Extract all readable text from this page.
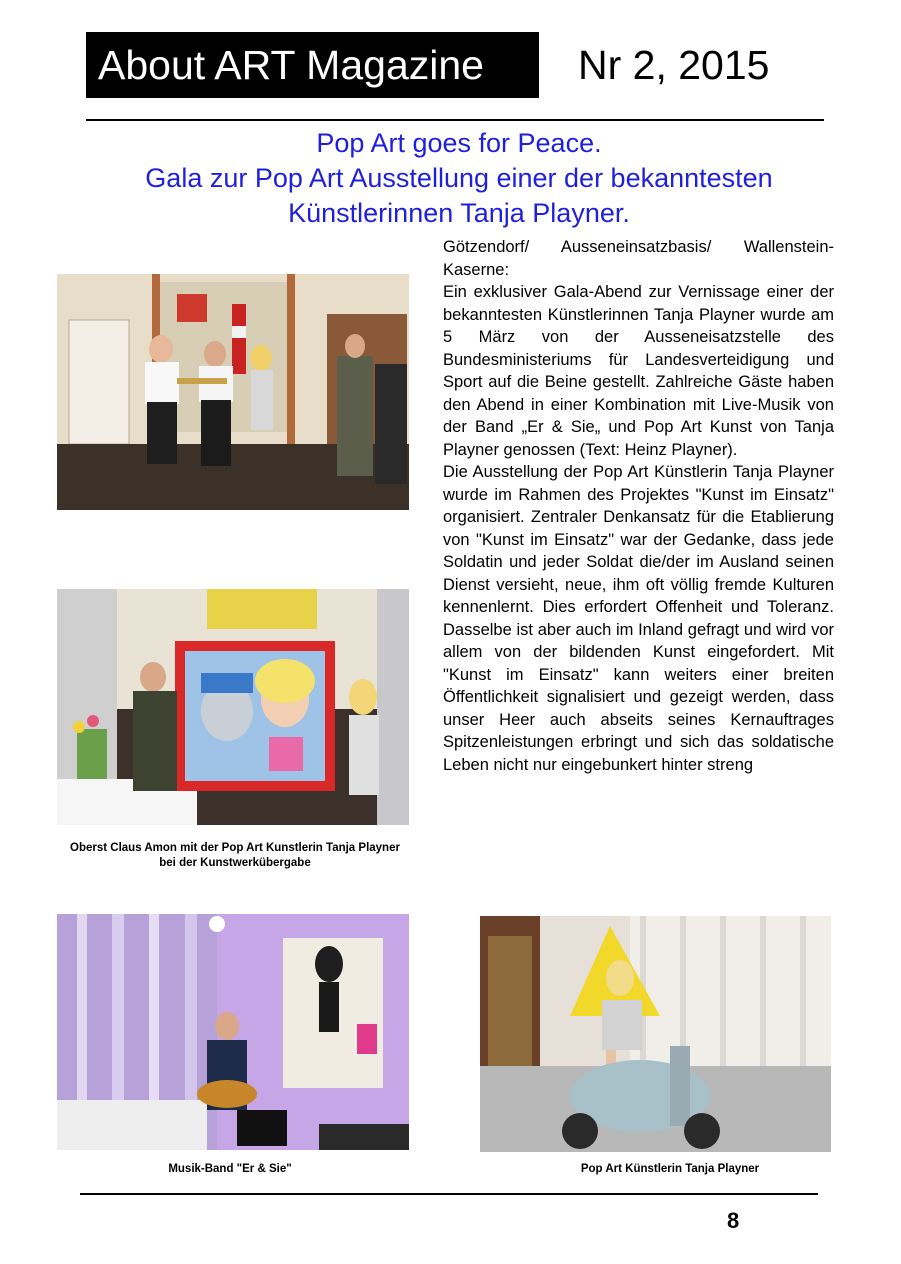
About ART Magazine	Nr 2, 2015
Pop Art goes for Peace.
Gala zur Pop Art Ausstellung einer der bekanntesten
Künstlerinnen Tanja Playner.
Oberst Claus Amon mit der Pop Art Kunstlerin Tanja Playner bei der Kunstwerkübergabe

Götzendorf/ Ausseneinsatzbasis/ Wallenstein-Kaserne:

Ein exklusiver Gala-Abend zur Vernissage einer der bekanntesten Künstlerinnen Tanja Playner wurde am 5 März von der Ausseneisatzstelle des Bundesministeriums für Landesverteidigung und Sport auf die Beine gestellt. Zahlreiche Gäste haben den Abend in einer Kombination mit Live-Musik von der Band „Er & Sie„ und Pop Art Kunst von Tanja Playner genossen (Text: Heinz Playner).

Die Ausstellung der Pop Art Künstlerin Tanja Playner wurde im Rahmen des Projektes "Kunst im Einsatz" organisiert. Zentraler Denkansatz für die Etablierung von "Kunst im Einsatz" war der Gedanke, dass jede Soldatin und jeder Soldat die/der im Ausland seinen Dienst versieht, neue, ihm oft völlig fremde Kulturen kennenlernt. Dies erfordert Offenheit und Toleranz. Dasselbe ist aber auch im Inland gefragt und wird vor allem von der bildenden Kunst eingefordert. Mit "Kunst im Einsatz" kann weiters einer breiten Öffentlichkeit signalisiert und gezeigt werden, dass unser Heer auch abseits seines Kernauftrages Spitzenleistungen erbringt und sich das soldatische Leben nicht nur eingebunkert hinter streng

Musik-Band "Er & Sie"	Pop Art Künstlerin Tanja Playner
8
